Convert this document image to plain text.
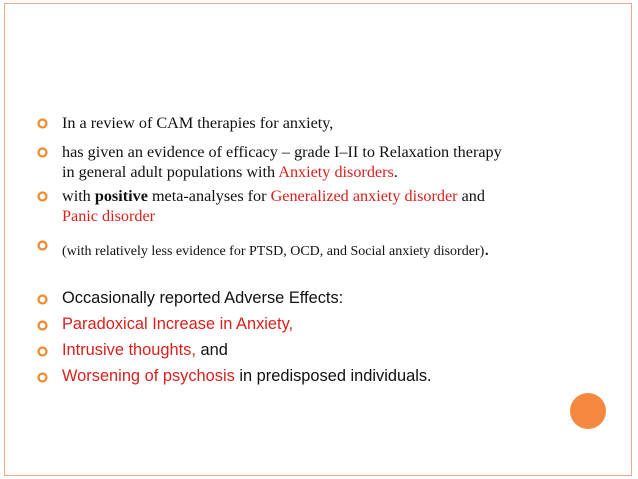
In a review of CAM therapies for anxiety,
has given an evidence of efficacy – grade I–II to Relaxation therapy
in general adult populations with Anxiety disorders.
with positive meta-analyses for Generalized anxiety disorder and
Panic disorder
(with relatively less evidence for PTSD, OCD, and Social anxiety disorder).
Occasionally reported Adverse Effects:
Paradoxical Increase in Anxiety,
Intrusive thoughts, and
Worsening of psychosis in predisposed individuals.
